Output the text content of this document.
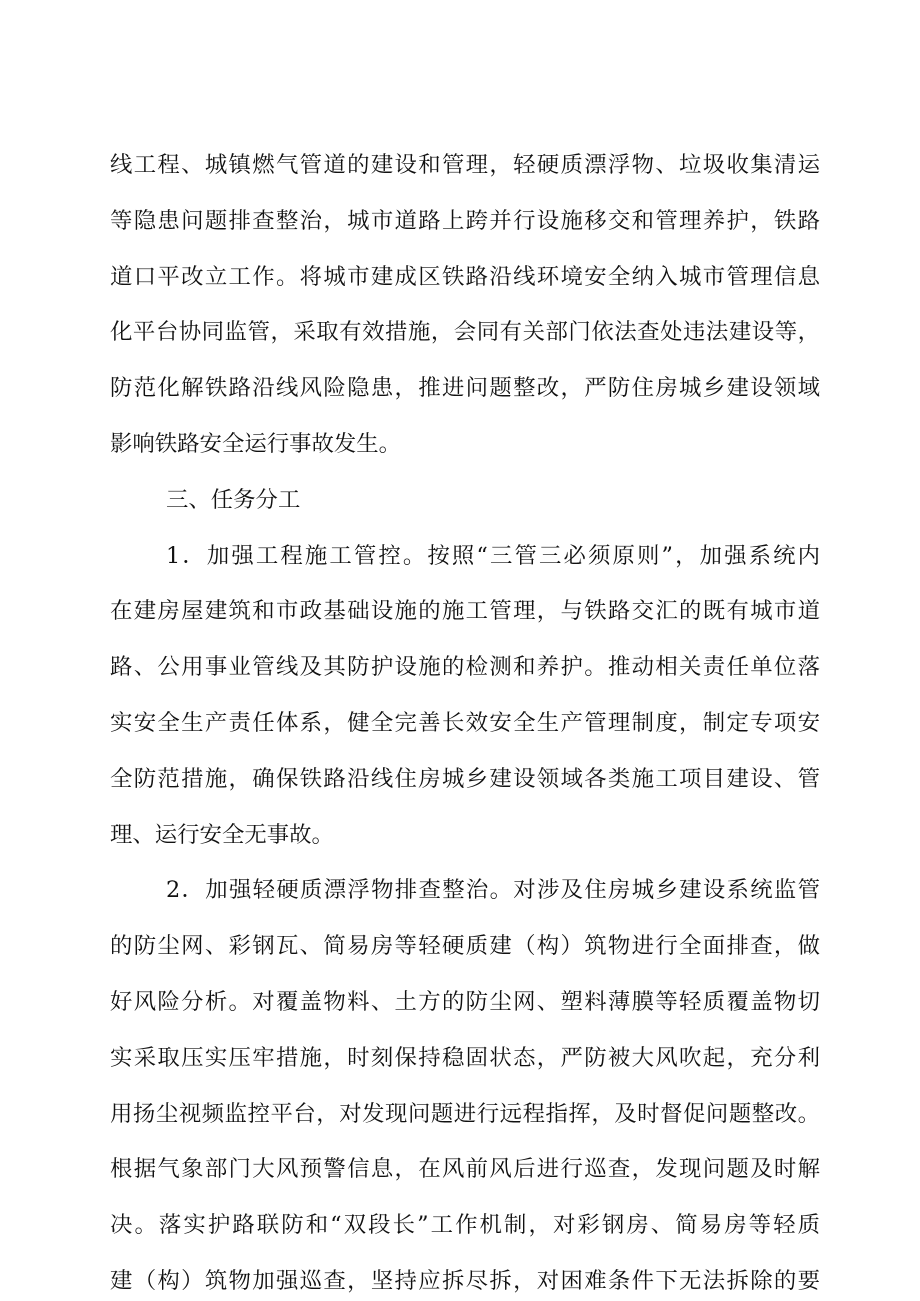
线工程、城镇燃气管道的建设和管理，轻硬质漂浮物、垃圾收集清运
等隐患问题排查整治，城市道路上跨并行设施移交和管理养护，铁路
道口平改立工作。将城市建成区铁路沿线环境安全纳入城市管理信息
化平台协同监管，采取有效措施，会同有关部门依法查处违法建设等，
防范化解铁路沿线风险隐患，推进问题整改，严防住房城乡建设领域
影响铁路安全运行事故发生。
三、任务分工
1．加强工程施工管控。按照“三管三必须原则”，加强系统内
在建房屋建筑和市政基础设施的施工管理，与铁路交汇的既有城市道
路、公用事业管线及其防护设施的检测和养护。推动相关责任单位落
实安全生产责任体系，健全完善长效安全生产管理制度，制定专项安
全防范措施，确保铁路沿线住房城乡建设领域各类施工项目建设、管
理、运行安全无事故。
2．加强轻硬质漂浮物排查整治。对涉及住房城乡建设系统监管
的防尘网、彩钢瓦、简易房等轻硬质建（构）筑物进行全面排查，做
好风险分析。对覆盖物料、土方的防尘网、塑料薄膜等轻质覆盖物切
实采取压实压牢措施，时刻保持稳固状态，严防被大风吹起，充分利
用扬尘视频监控平台，对发现问题进行远程指挥，及时督促问题整改。
根据气象部门大风预警信息，在风前风后进行巡查，发现问题及时解
决。落实护路联防和“双段长”工作机制，对彩钢房、简易房等轻质
建（构）筑物加强巡查，坚持应拆尽拆，对困难条件下无法拆除的要
